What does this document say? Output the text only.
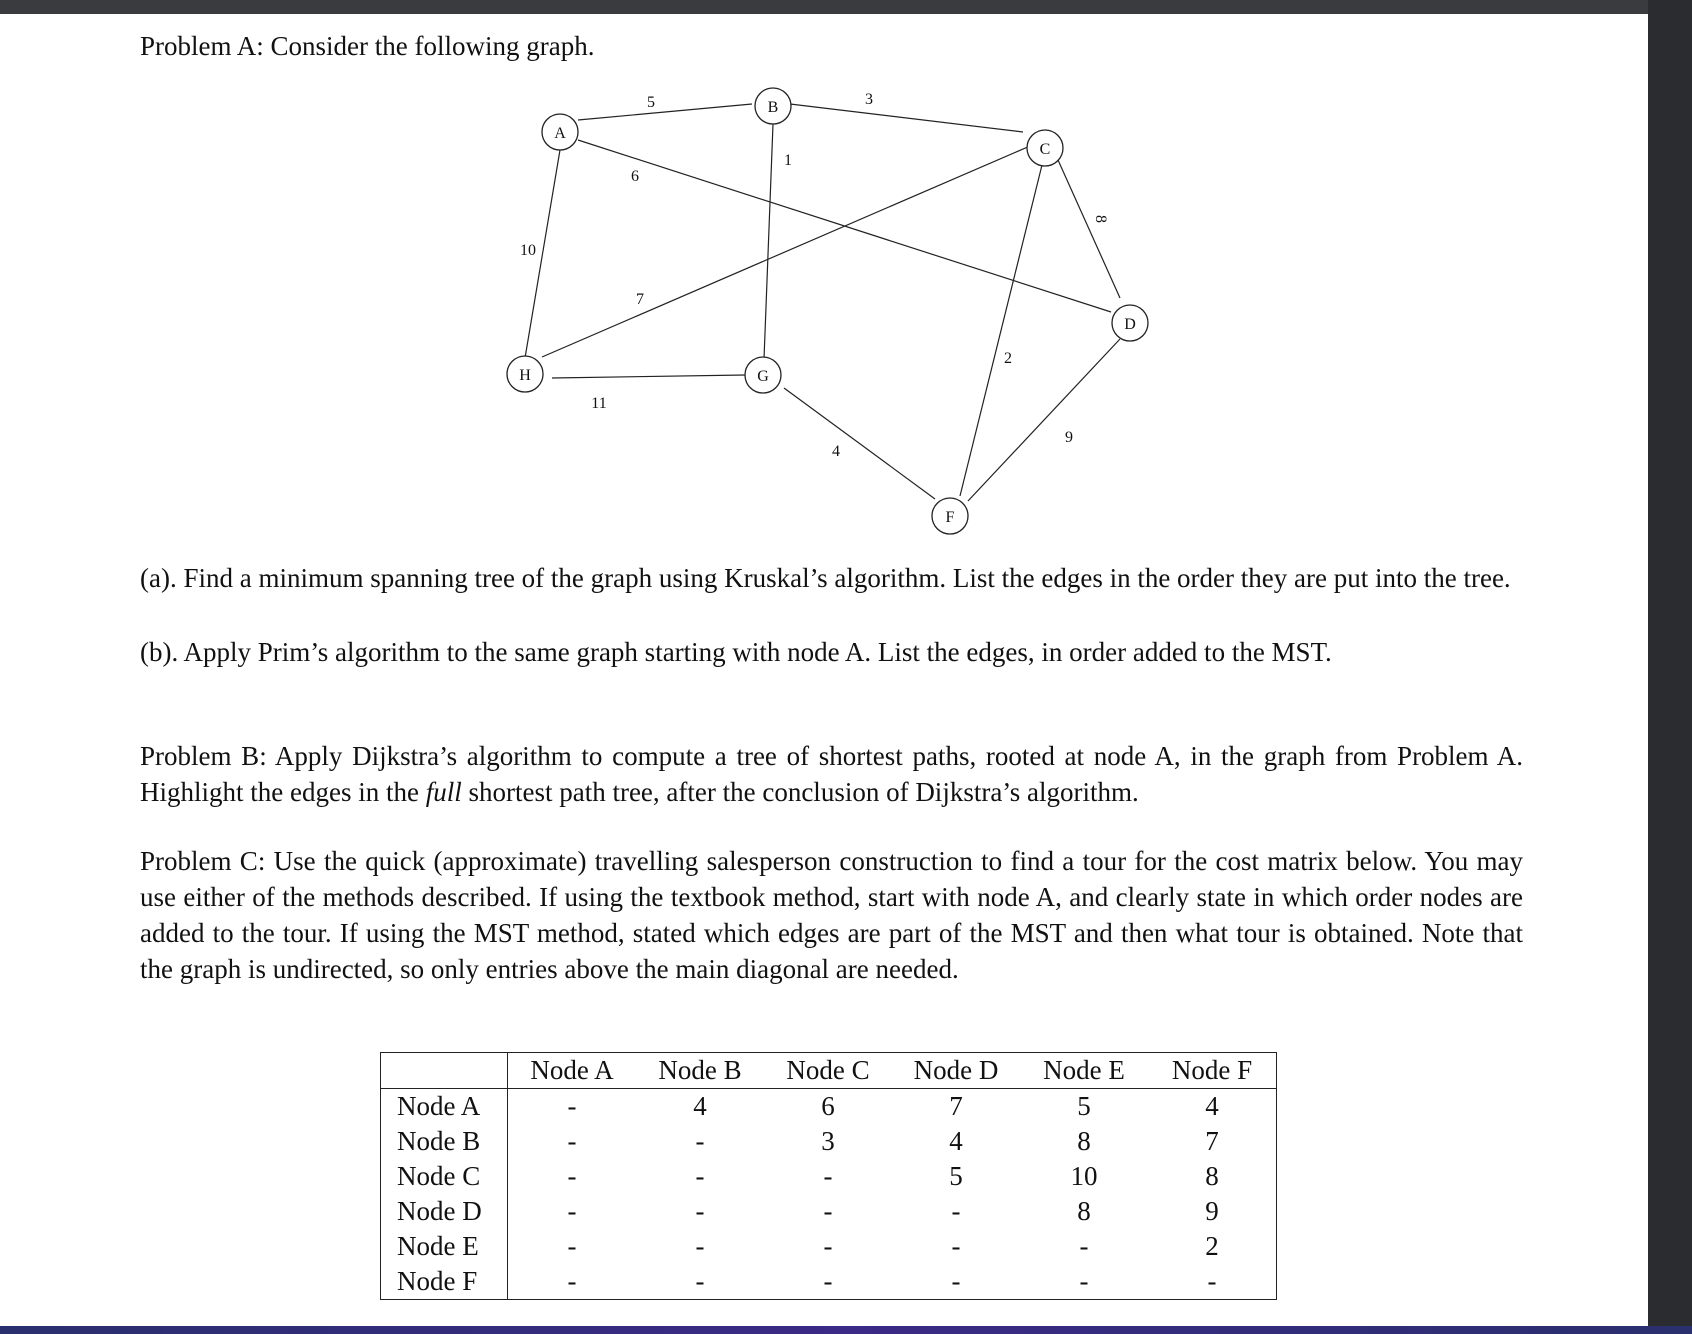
Problem A: Consider the following graph.

5	3
1
6
8
10
7
11
2
4
9
A
B
C
D
F
G
H

(a). Find a minimum spanning tree of the graph using Kruskal’s algorithm. List the edges in the order they are put into the tree.

(b). Apply Prim’s algorithm to the same graph starting with node A. List the edges, in order added to the MST.

Problem B: Apply Dijkstra’s algorithm to compute a tree of shortest paths, rooted at node A, in the graph from Problem A. Highlight the edges in the full shortest path tree, after the conclusion of Dijkstra’s algorithm.

Problem C: Use the quick (approximate) travelling salesperson construction to find a tour for the cost matrix below. You may use either of the methods described. If using the textbook method, start with node A, and clearly state in which order nodes are added to the tour. If using the MST method, stated which edges are part of the MST and then what tour is obtained. Note that the graph is undirected, so only entries above the main diagonal are needed.

	Node A	Node B	Node C	Node D	Node E	Node F
Node A	-	4	6	7	5	4
Node B	-	-	3	4	8	7
Node C	-	-	-	5	10	8
Node D	-	-	-	-	8	9
Node E	-	-	-	-	-	2
Node F	-	-	-	-	-	-
